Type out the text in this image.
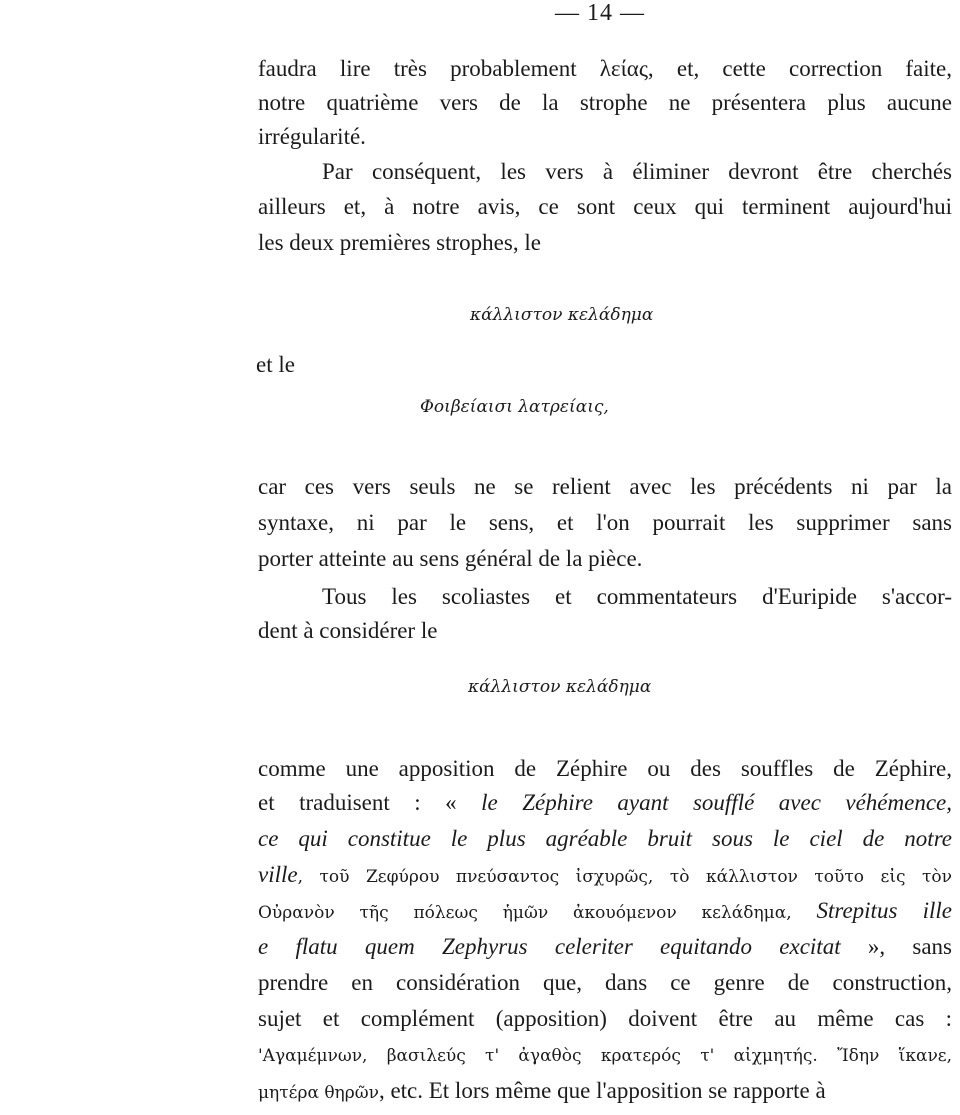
— 14 —
faudra lire très probablement λείας, et, cette correction faite,
notre quatrième vers de la strophe ne présentera plus aucune
irrégularité.
Par conséquent, les vers à éliminer devront être cherchés
ailleurs et, à notre avis, ce sont ceux qui terminent aujourd'hui
les deux premières strophes, le
κάλλιστον κελάδημα
et le
Φοιβείαισι λατρείαις,
car ces vers seuls ne se relient avec les précédents ni par la
syntaxe, ni par le sens, et l'on pourrait les supprimer sans
porter atteinte au sens général de la pièce.
Tous les scoliastes et commentateurs d'Euripide s'accor-
dent à considérer le
κάλλιστον κελάδημα
comme une apposition de Zéphire ou des souffles de Zéphire,
et traduisent : « le Zéphire ayant soufflé avec véhémence,
ce qui constitue le plus agréable bruit sous le ciel de notre
ville, τοῦ Ζεφύρου πνεύσαντος ἰσχυρῶς, τὸ κάλλιστον τοῦτο εἰς τὸν
Οὐρανὸν τῆς πόλεως ἡμῶν ἀκουόμενον κελάδημα, Strepitus ille
e flatu quem Zephyrus celeriter equitando excitat », sans
prendre en considération que, dans ce genre de construction,
sujet et complément (apposition) doivent être au même cas :
'Αγαμέμνων, βασιλεύς τ' ἀγαθὸς κρατερός τ' αἰχμητής. Ἴδην ἵκανε,
μητέρα θηρῶν, etc. Et lors même que l'apposition se rapporte à
